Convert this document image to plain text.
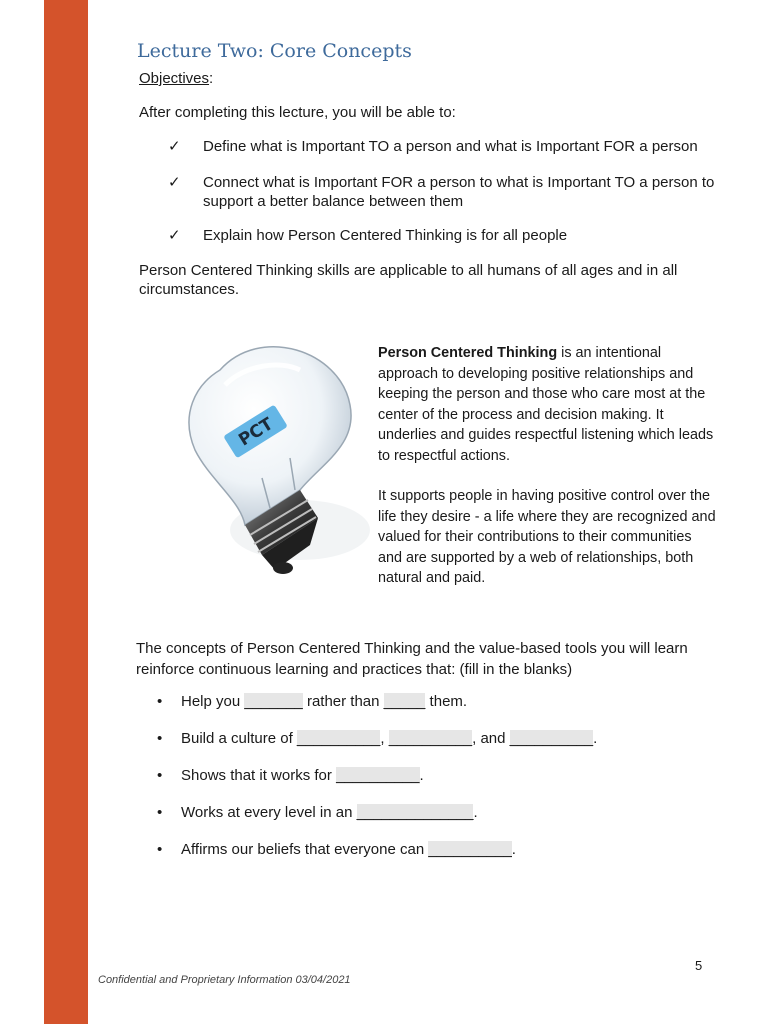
Lecture Two: Core Concepts
Objectives:
After completing this lecture, you will be able to:
✓ Define what is Important TO a person and what is Important FOR a person
✓ Connect what is Important FOR a person to what is Important TO a person to support a better balance between them
✓ Explain how Person Centered Thinking is for all people
Person Centered Thinking skills are applicable to all humans of all ages and in all circumstances.
PCT
Person Centered Thinking is an intentional approach to developing positive relationships and keeping the person and those who care most at the center of the process and decision making. It underlies and guides respectful listening which leads to respectful actions.
It supports people in having positive control over the life they desire - a life where they are recognized and valued for their contributions to their communities and are supported by a web of relationships, both natural and paid.
The concepts of Person Centered Thinking and the value-based tools you will learn reinforce continuous learning and practices that: (fill in the blanks)
• Help you _______ rather than _____ them.
• Build a culture of __________, __________, and __________.
• Shows that it works for __________.
• Works at every level in an ______________.
• Affirms our beliefs that everyone can __________.
5
Confidential and Proprietary Information 03/04/2021
